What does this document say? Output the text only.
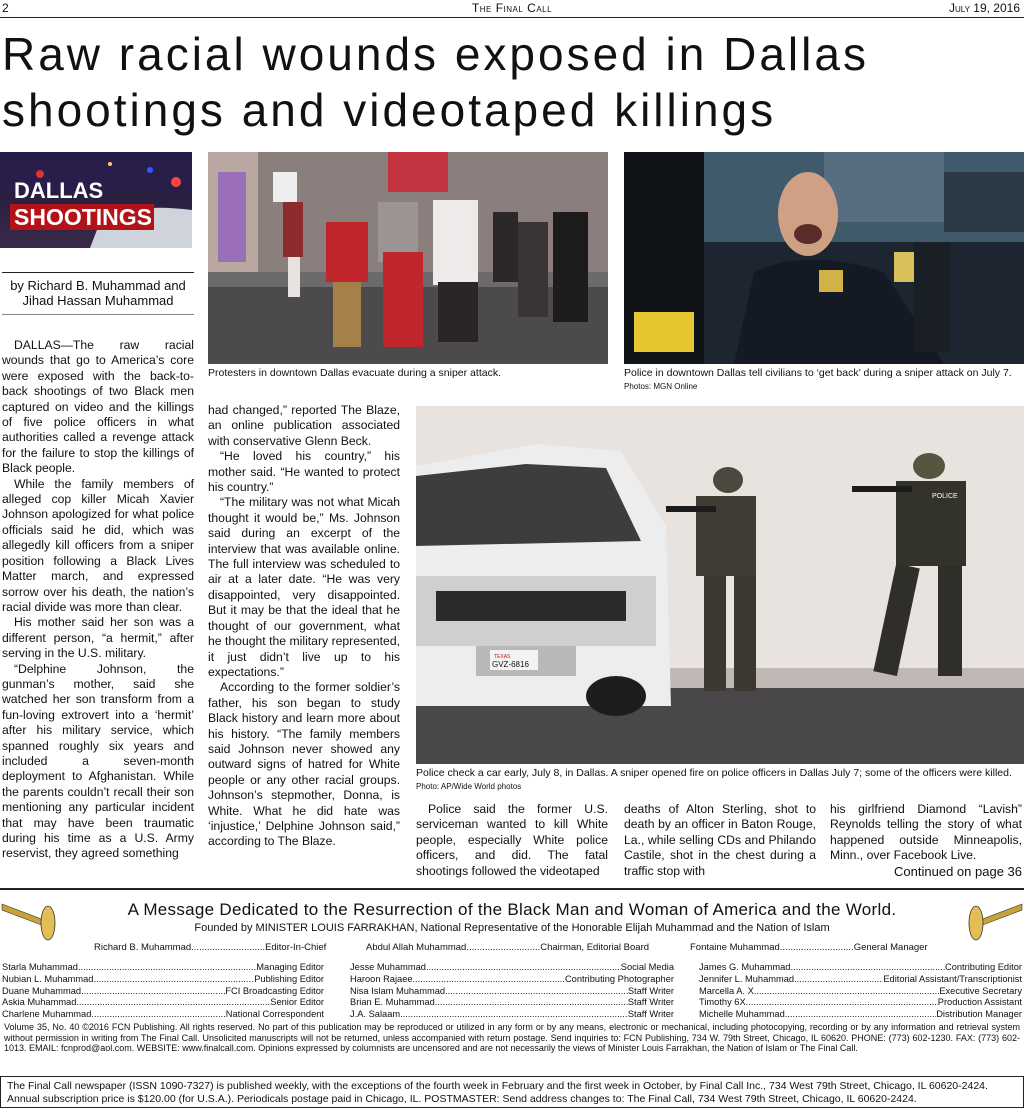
The Final Call
2	July 19, 2016
Raw racial wounds exposed in Dallas shootings and videotaped killings
DALLAS
SHOOTINGS
Protesters in downtown Dallas evacuate during a sniper attack.	Police in downtown Dallas tell civilians to ‘get back’ during a sniper attack on July 7. Photos: MGN Online
by Richard B. Muhammad and Jihad Hassan Muhammad

DALLAS—The raw racial wounds that go to America’s core were exposed with the back-to-back shootings of two Black men captured on video and the killings of five police officers in what authorities called a revenge attack for the failure to stop the killings of Black people.

While the family members of alleged cop killer Micah Xavier Johnson apologized for what police officials said he did, which was allegedly kill officers from a sniper position following a Black Lives Matter march, and expressed sorrow over his death, the nation’s racial divide was more than clear.

His mother said her son was a different person, “a hermit,” after serving in the U.S. military.

“Delphine Johnson, the gunman’s mother, said she watched her son transform from a fun-loving extrovert into a ‘hermit’ after his military service, which spanned roughly six years and included a seven-month deployment to Afghanistan. While the parents couldn’t recall their son mentioning any particular incident that may have been traumatic during his time as a U.S. Army reservist, they agreed something

had changed,” reported The Blaze, an online publication associated with conservative Glenn Beck.

“He loved his country,” his mother said. “He wanted to protect his country.”

“The military was not what Micah thought it would be,” Ms. Johnson said during an excerpt of the interview that was available online. The full interview was scheduled to air at a later date. “He was very disappointed, very disappointed. But it may be that the ideal that he thought of our government, what he thought the military represented, it just didn’t live up to his expectations.”

According to the former soldier’s father, his son began to study Black history and learn more about his history. “The family members said Johnson never showed any outward signs of hatred for White people or any other racial groups. Johnson’s stepmother, Donna, is White. What he did hate was ‘injustice,’ Delphine Johnson said,” according to The Blaze.

TEXAS
GVZ-6816
POLICE
Police check a car early, July 8, in Dallas. A sniper opened fire on police officers in Dallas July 7; some of the officers were killed. Photo: AP/Wide World photos

Police said the former U.S. serviceman wanted to kill White people, especially White police officers, and did. The fatal shootings followed the videotaped

deaths of Alton Sterling, shot to death by an officer in Baton Rouge, La., while selling CDs and Philando Castile, shot in the chest during a traffic stop with

his girlfriend Diamond “Lavish” Reynolds telling the story of what happened outside Minneapolis, Minn., over Facebook Live.

Continued on page 36
A Message Dedicated to the Resurrection of the Black Man and Woman of America and the World.
Founded by MINISTER LOUIS FARRAKHAN, National Representative of the Honorable Elijah Muhammad and the Nation of Islam
Richard B. Muhammad............................Editor-In-Chief	Abdul Allah Muhammad............................Chairman, Editorial Board	Fontaine Muhammad............................General Manager
Starla Muhammad .....	Managing Editor
Nubian L. Muhammad .....	Publishing Editor
Duane Muhammad .....	FCI Broadcasting Editor
Askia Muhammad .....	Senior Editor
Charlene Muhammad .....	National Correspondent
Jesse Muhammad .....	Social Media
Haroon Rajaee .....	Contributing Photographer
Nisa Islam Muhammad .....	Staff Writer
Brian E. Muhammad .....	Staff Writer
J.A. Salaam .....	Staff Writer
James G. Muhammad .....	Contributing Editor
Jennifer L. Muhammad .....	Editorial Assistant/Transcriptionist
Marcella A. X .....	Executive Secretary
Timothy 6X .....	Production Assistant
Michelle Muhammad .....	Distribution Manager
Volume 35, No. 40 ©2016 FCN Publishing. All rights reserved. No part of this publication may be reproduced or utilized in any form or by any means, electronic or mechanical, including photocopying, recording or by any information and retrieval system without permission in writing from The Final Call. Unsolicited manuscripts will not be returned, unless accompanied with return postage. Send inquiries to: FCN Publishing, 734 W. 79th Street, Chicago, IL 60620. PHONE: (773) 602-1230. FAX: (773) 602-1013. EMAIL: fcnprod@aol.com. WEBSITE: www.finalcall.com. Opinions expressed by columnists are uncensored and are not necessarily the views of Minister Louis Farrakhan, the Nation of Islam or The Final Call.
The Final Call newspaper (ISSN 1090-7327) is published weekly, with the exceptions of the fourth week in February and the first week in October, by Final Call Inc., 734 West 79th Street, Chicago, IL 60620-2424. Annual subscription price is $120.00 (for U.S.A.). Periodicals postage paid in Chicago, IL. POSTMASTER: Send address changes to: The Final Call, 734 West 79th Street, Chicago, IL 60620-2424.
